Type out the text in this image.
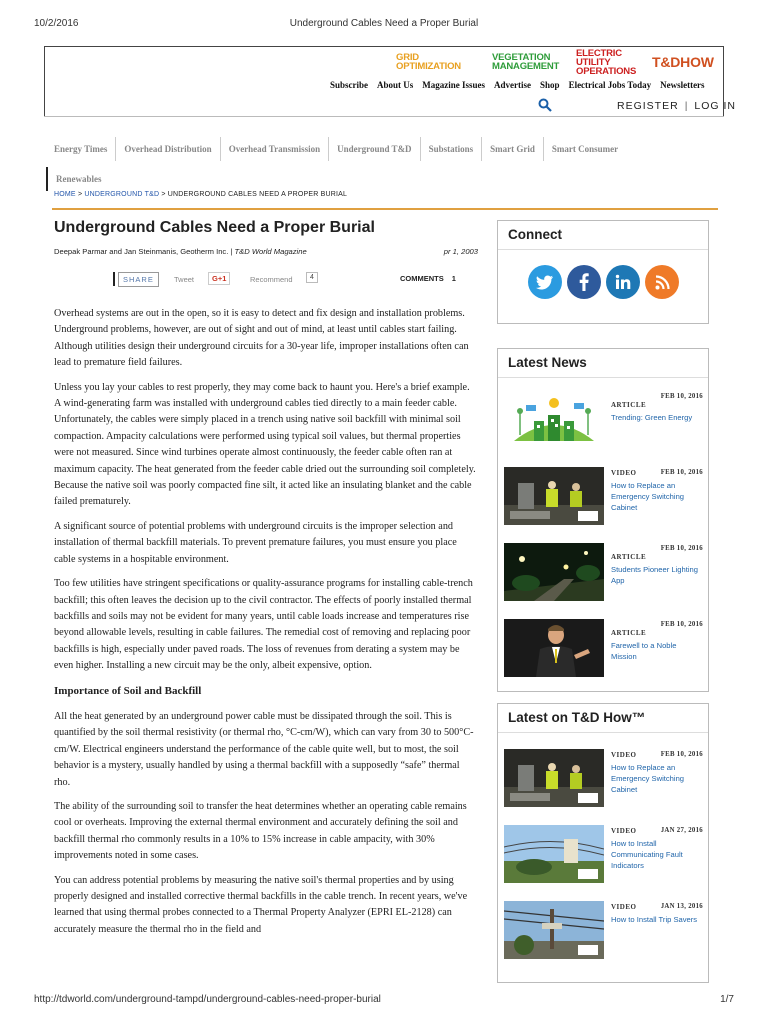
10/2/2016	Underground Cables Need a Proper Burial
GRID
OPTIMIZATION
VEGETATION
MANAGEMENT
ELECTRIC UTILITY
OPERATIONS
T&DHOW
Subscribe About Us Magazine Issues Advertise Shop Electrical Jobs Today Newsletters
REGISTER | LOG IN
Energy Times	Overhead Distribution	Overhead Transmission	Underground T&D	Substations	Smart Grid	Smart Consumer
Renewables
HOME > UNDERGROUND T&D > UNDERGROUND CABLES NEED A PROPER BURIAL
Underground Cables Need a Proper Burial
Deepak Parmar and Jan Steinmanis, Geotherm Inc. | T&D World Magazine	pr 1, 2003
SHARE	Tweet	G+1	Recommend	4	COMMENTS 1

Overhead systems are out in the open, so it is easy to detect and fix design and installation problems. Underground problems, however, are out of sight and out of mind, at least until cables start failing. Although utilities design their underground circuits for a 30-year life, improper installations often can lead to premature field failures.

Unless you lay your cables to rest properly, they may come back to haunt you. Here's a brief example. A wind-generating farm was installed with underground cables tied directly to a main feeder cable. Unfortunately, the cables were simply placed in a trench using native soil backfill with minimal soil compaction. Ampacity calculations were performed using typical soil values, but thermal properties were not measured. Since wind turbines operate almost continuously, the feeder cable often ran at maximum capacity. The heat generated from the feeder cable dried out the surrounding soil completely. Because the native soil was poorly compacted fine silt, it acted like an insulating blanket and the cable failed prematurely.

A significant source of potential problems with underground circuits is the improper selection and installation of thermal backfill materials. To prevent premature failures, you must ensure you place cable systems in a hospitable environment.

Too few utilities have stringent specifications or quality-assurance programs for installing cable-trench backfill; this often leaves the decision up to the civil contractor. The effects of poorly installed thermal backfills and soils may not be evident for many years, until cable loads increase and temperatures rise beyond allowable levels, resulting in cable failures. The remedial cost of removing and replacing poor backfills is high, especially under paved roads. The loss of revenues from derating a system may be even higher. Installing a new circuit may be the only, albeit expensive, option.

Importance of Soil and Backfill

All the heat generated by an underground power cable must be dissipated through the soil. This is quantified by the soil thermal resistivity (or thermal rho, °C-cm/W), which can vary from 30 to 500°C-cm/W. Electrical engineers understand the performance of the cable quite well, but to most, the soil behavior is a mystery, usually handled by using a thermal backfill with a supposedly “safe” thermal rho.

The ability of the surrounding soil to transfer the heat determines whether an operating cable remains cool or overheats. Improving the external thermal environment and accurately defining the soil and backfill thermal rho commonly results in a 10% to 15% increase in cable ampacity, with 30% improvements noted in some cases.

You can address potential problems by measuring the native soil's thermal properties and by using properly designed and installed corrective thermal backfills in the cable trench. In recent years, we've learned that using thermal probes connected to a Thermal Property Analyzer (EPRI EL-2128) can accurately measure the thermal rho in the field and

Connect
Latest News
FEB 10, 2016
ARTICLE
Trending: Green Energy
VIDEO	FEB 10, 2016
How to Replace an Emergency Switching Cabinet
FEB 10, 2016
ARTICLE
Students Pioneer Lighting App
FEB 10, 2016
ARTICLE
Farewell to a Noble Mission
Latest on T&D How™
VIDEO	FEB 10, 2016
How to Replace an Emergency Switching Cabinet
VIDEO	JAN 27, 2016
How to Install Communicating Fault Indicators
VIDEO	JAN 13, 2016
How to Install Trip Savers
http://tdworld.com/underground-tampd/underground-cables-need-proper-burial	1/7
